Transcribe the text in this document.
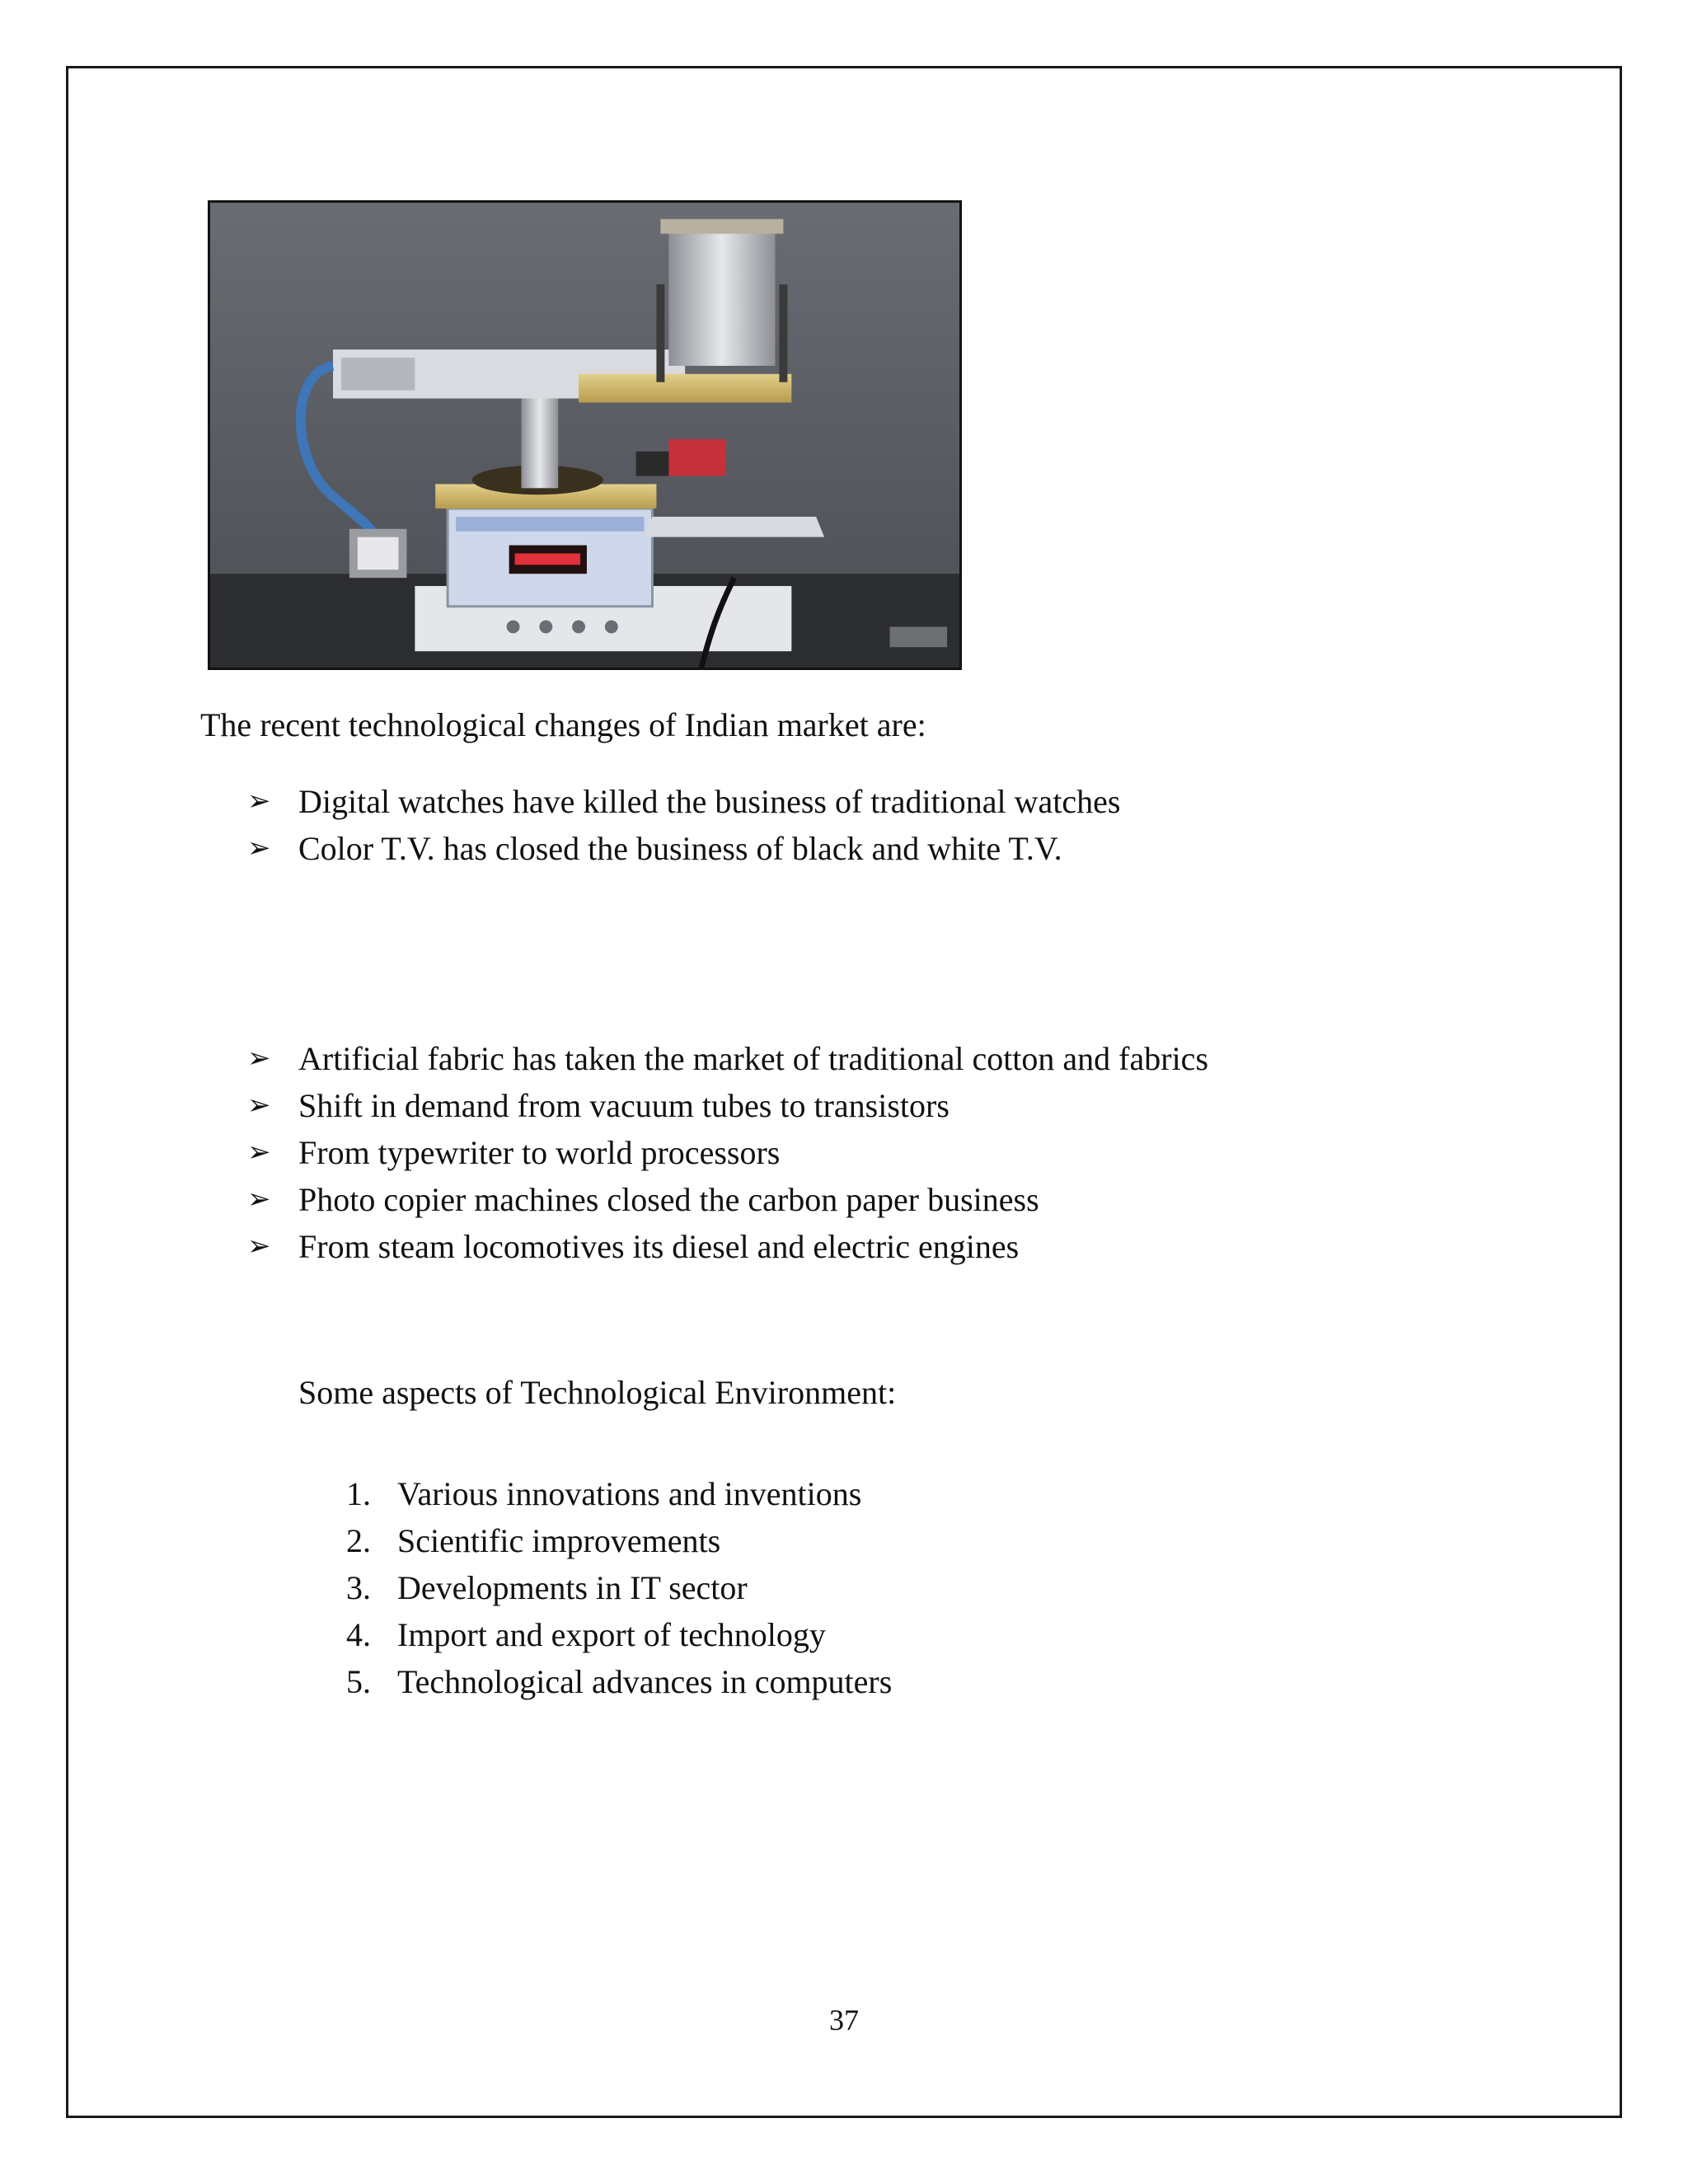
The recent technological changes of Indian market are:
➢ Digital watches have killed the business of traditional watches
➢ Color T.V. has closed the business of black and white T.V.
➢ Artificial fabric has taken the market of traditional cotton and fabrics
➢ Shift in demand from vacuum tubes to transistors
➢ From typewriter to world processors
➢ Photo copier machines closed the carbon paper business
➢ From steam locomotives its diesel and electric engines
Some aspects of Technological Environment:
1. Various innovations and inventions
2. Scientific improvements
3. Developments in IT sector
4. Import and export of technology
5. Technological advances in computers
37
